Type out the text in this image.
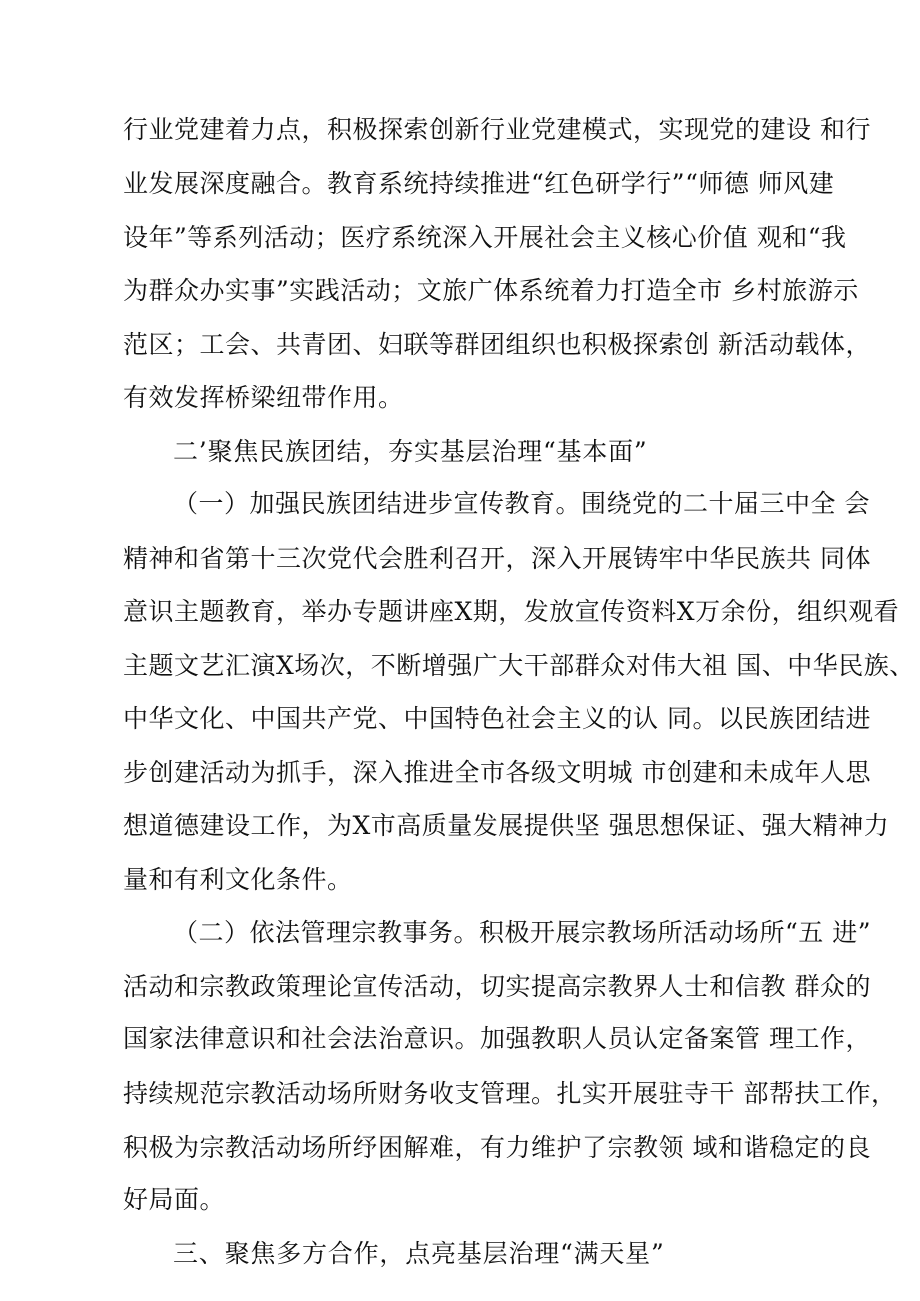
行业党建着力点，积极探索创新行业党建模式，实现党的建设 和行
业发展深度融合。教育系统持续推进“红色研学行”“师德 师风建
设年”等系列活动；医疗系统深入开展社会主义核心价值 观和“我
为群众办实事”实践活动；文旅广体系统着力打造全市 乡村旅游示
范区；工会、共青团、妇联等群团组织也积极探索创 新活动载体，
有效发挥桥梁纽带作用。
二’聚焦民族团结，夯实基层治理“基本面”
（一）加强民族团结进步宣传教育。围绕党的二十届三中全 会
精神和省第十三次党代会胜利召开，深入开展铸牢中华民族共 同体
意识主题教育，举办专题讲座X期，发放宣传资料X万余份，组织观看
主题文艺汇演X场次，不断增强广大干部群众对伟大祖 国、中华民族、
中华文化、中国共产党、中国特色社会主义的认 同。以民族团结进
步创建活动为抓手，深入推进全市各级文明城 市创建和未成年人思
想道德建设工作，为X市高质量发展提供坚 强思想保证、强大精神力
量和有利文化条件。
（二）依法管理宗教事务。积极开展宗教场所活动场所“五 进”
活动和宗教政策理论宣传活动，切实提高宗教界人士和信教 群众的
国家法律意识和社会法治意识。加强教职人员认定备案管 理工作，
持续规范宗教活动场所财务收支管理。扎实开展驻寺干 部帮扶工作，
积极为宗教活动场所纾困解难，有力维护了宗教领 域和谐稳定的良
好局面。
三、聚焦多方合作，点亮基层治理“满天星”
